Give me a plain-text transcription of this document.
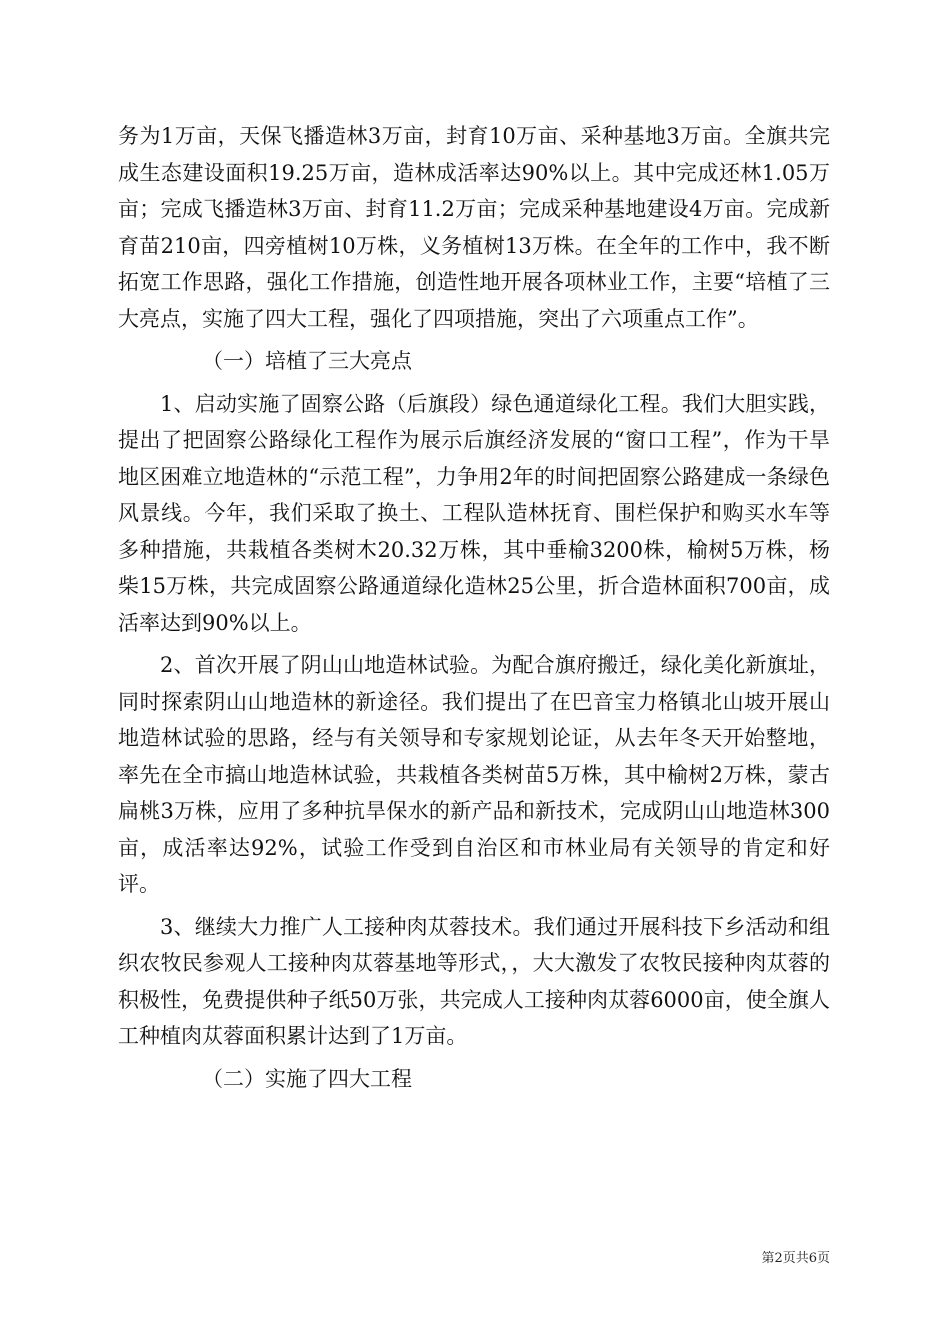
务为1万亩，天保飞播造林3万亩，封育10万亩、采种基地3万亩。全旗共完成生态建设面积19.25万亩，造林成活率达90%以上。其中完成还林1.05万亩；完成飞播造林3万亩、封育11.2万亩；完成采种基地建设4万亩。完成新育苗210亩，四旁植树10万株，义务植树13万株。在全年的工作中，我不断拓宽工作思路，强化工作措施，创造性地开展各项林业工作，主要“培植了三大亮点，实施了四大工程，强化了四项措施，突出了六项重点工作”。

（一）培植了三大亮点

1、启动实施了固察公路（后旗段）绿色通道绿化工程。我们大胆实践，提出了把固察公路绿化工程作为展示后旗经济发展的“窗口工程”，作为干旱地区困难立地造林的“示范工程”，力争用2年的时间把固察公路建成一条绿色风景线。今年，我们采取了换土、工程队造林抚育、围栏保护和购买水车等多种措施，共栽植各类树木20.32万株，其中垂榆3200株，榆树5万株，杨柴15万株，共完成固察公路通道绿化造林25公里，折合造林面积700亩，成活率达到90%以上。

2、首次开展了阴山山地造林试验。为配合旗府搬迁，绿化美化新旗址，同时探索阴山山地造林的新途径。我们提出了在巴音宝力格镇北山坡开展山地造林试验的思路，经与有关领导和专家规划论证，从去年冬天开始整地，率先在全市搞山地造林试验，共栽植各类树苗5万株，其中榆树2万株，蒙古扁桃3万株，应用了多种抗旱保水的新产品和新技术，完成阴山山地造林300亩，成活率达92%，试验工作受到自治区和市林业局有关领导的肯定和好评。

3、继续大力推广人工接种肉苁蓉技术。我们通过开展科技下乡活动和组织农牧民参观人工接种肉苁蓉基地等形式，，大大激发了农牧民接种肉苁蓉的积极性，免费提供种子纸50万张，共完成人工接种肉苁蓉6000亩，使全旗人工种植肉苁蓉面积累计达到了1万亩。

（二）实施了四大工程

第2页共6页
